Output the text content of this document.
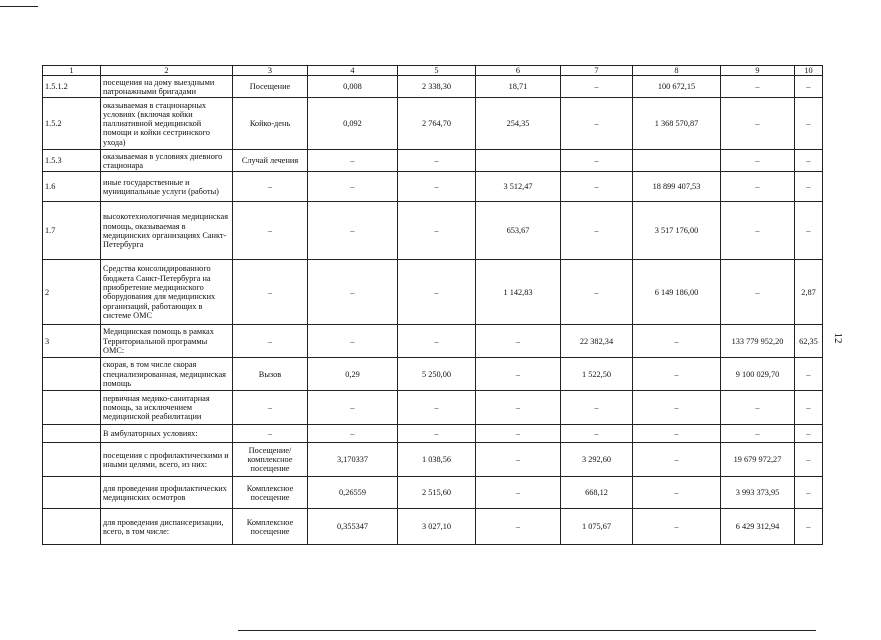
1	2	3	4	5	6	7	8	9	10
1.5.1.2	посещения на дому выездными патронажными бригадами	Посещение	0,008	2 338,30	18,71	–	100 672,15	–	–
1.5.2	оказываемая в стационарных условиях (включая койки паллиативной медицинской помощи и койки сестринского ухода)	Койко-день	0,092	2 764,70	254,35	–	1 368 570,87	–	–
1.5.3	оказываемая в условиях дневного стационара	Случай лечения	–	–		–		–	–
1.6	иные государственные и муниципальные услуги (работы)	–	–	–	3 512,47	–	18 899 407,53	–	–
1.7	высокотехнологичная медицинская помощь, оказываемая в медицинских организациях Санкт-Петербурга	–	–	–	653,67	–	3 517 176,00	–	–
2	Средства консолидированного бюджета Санкт-Петербурга на приобретение медицинского оборудования для медицинских организаций, работающих в системе ОМС	–	–	–	1 142,83	–	6 149 186,00	–	2,87
3	Медицинская помощь в рамках Территориальной программы ОМС:	–	–	–	–	22 382,34	–	133 779 952,20	62,35
	скорая, в том числе скорая специализированная, медицинская помощь	Вызов	0,29	5 250,00	–	1 522,50	–	9 100 029,70	–
	первичная медико-санитарная помощь, за исключением медицинской реабилитации	–	–	–	–	–	–	–	–
	В амбулаторных условиях:	–	–	–	–	–	–	–	–
	посещения с профилактическими и иными целями, всего, из них:	Посещение/ комплексное посещение	3,170337	1 038,56	–	3 292,60	–	19 679 972,27	–
	для проведения профилактических медицинских осмотров	Комплексное посещение	0,26559	2 515,60	–	668,12	–	3 993 373,95	–
	для проведения диспансеризации, всего, в том числе:	Комплексное посещение	0,355347	3 027,10	–	1 075,67	–	6 429 312,94	–
12
